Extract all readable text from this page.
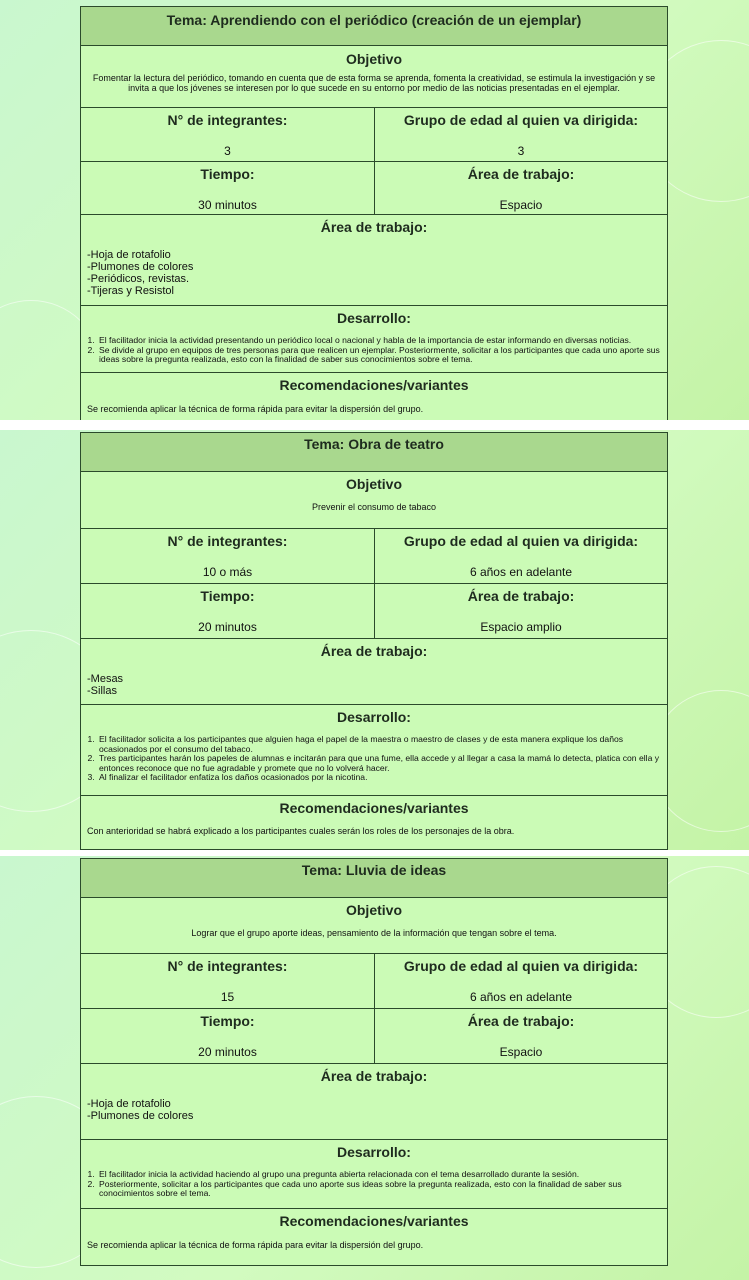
Tema: Aprendiendo con el periódico (creación de un ejemplar)
Objetivo
Fomentar la lectura del periódico, tomando en cuenta que de esta forma se aprenda, fomenta la creatividad, se estimula la investigación y se invita a que los jóvenes se interesen por lo que sucede en su entorno por medio de las noticias presentadas en el ejemplar.
N° de integrantes:
3
Grupo de edad al quien va dirigida:
3
Tiempo:
30 minutos
Área de trabajo:
Espacio
Área de trabajo:
-Hoja de rotafolio
-Plumones de colores
-Periódicos, revistas.
-Tijeras y Resistol
Desarrollo:
1. El facilitador inicia la actividad presentando un periódico local o nacional y habla de la importancia de estar informando en diversas noticias.
2. Se divide al grupo en equipos de tres personas para que realicen un ejemplar. Posteriormente, solicitar a los participantes que cada uno aporte sus ideas sobre la pregunta realizada, esto con la finalidad de saber sus conocimientos sobre el tema.
Recomendaciones/variantes
Se recomienda aplicar la técnica de forma rápida para evitar la dispersión del grupo.
Tema: Obra de teatro
Objetivo
Prevenir el consumo de tabaco
N° de integrantes:
10 o más
Grupo de edad al quien va dirigida:
6 años en adelante
Tiempo:
20 minutos
Área de trabajo:
Espacio amplio
Área de trabajo:
-Mesas
-Sillas
Desarrollo:
1. El facilitador solicita a los participantes que alguien haga el papel de la maestra o maestro de clases y de esta manera explique los daños ocasionados por el consumo del tabaco.
2. Tres participantes harán los papeles de alumnas e incitarán para que una fume, ella accede y al llegar a casa la mamá lo detecta, platica con ella y entonces reconoce que no fue agradable y promete que no lo volverá hacer.
3. Al finalizar el facilitador enfatiza los daños ocasionados por la nicotina.
Recomendaciones/variantes
Con anterioridad se habrá explicado a los participantes cuales serán los roles de los personajes de la obra.
Tema: Lluvia de ideas
Objetivo
Lograr que el grupo aporte ideas, pensamiento de la información que tengan sobre el tema.
N° de integrantes:
15
Grupo de edad al quien va dirigida:
6 años en adelante
Tiempo:
20 minutos
Área de trabajo:
Espacio
Área de trabajo:
-Hoja de rotafolio
-Plumones de colores
Desarrollo:
1. El facilitador inicia la actividad haciendo al grupo una pregunta abierta relacionada con el tema desarrollado durante la sesión.
2. Posteriormente, solicitar a los participantes que cada uno aporte sus ideas sobre la pregunta realizada, esto con la finalidad de saber sus conocimientos sobre el tema.
Recomendaciones/variantes
Se recomienda aplicar la técnica de forma rápida para evitar la dispersión del grupo.
